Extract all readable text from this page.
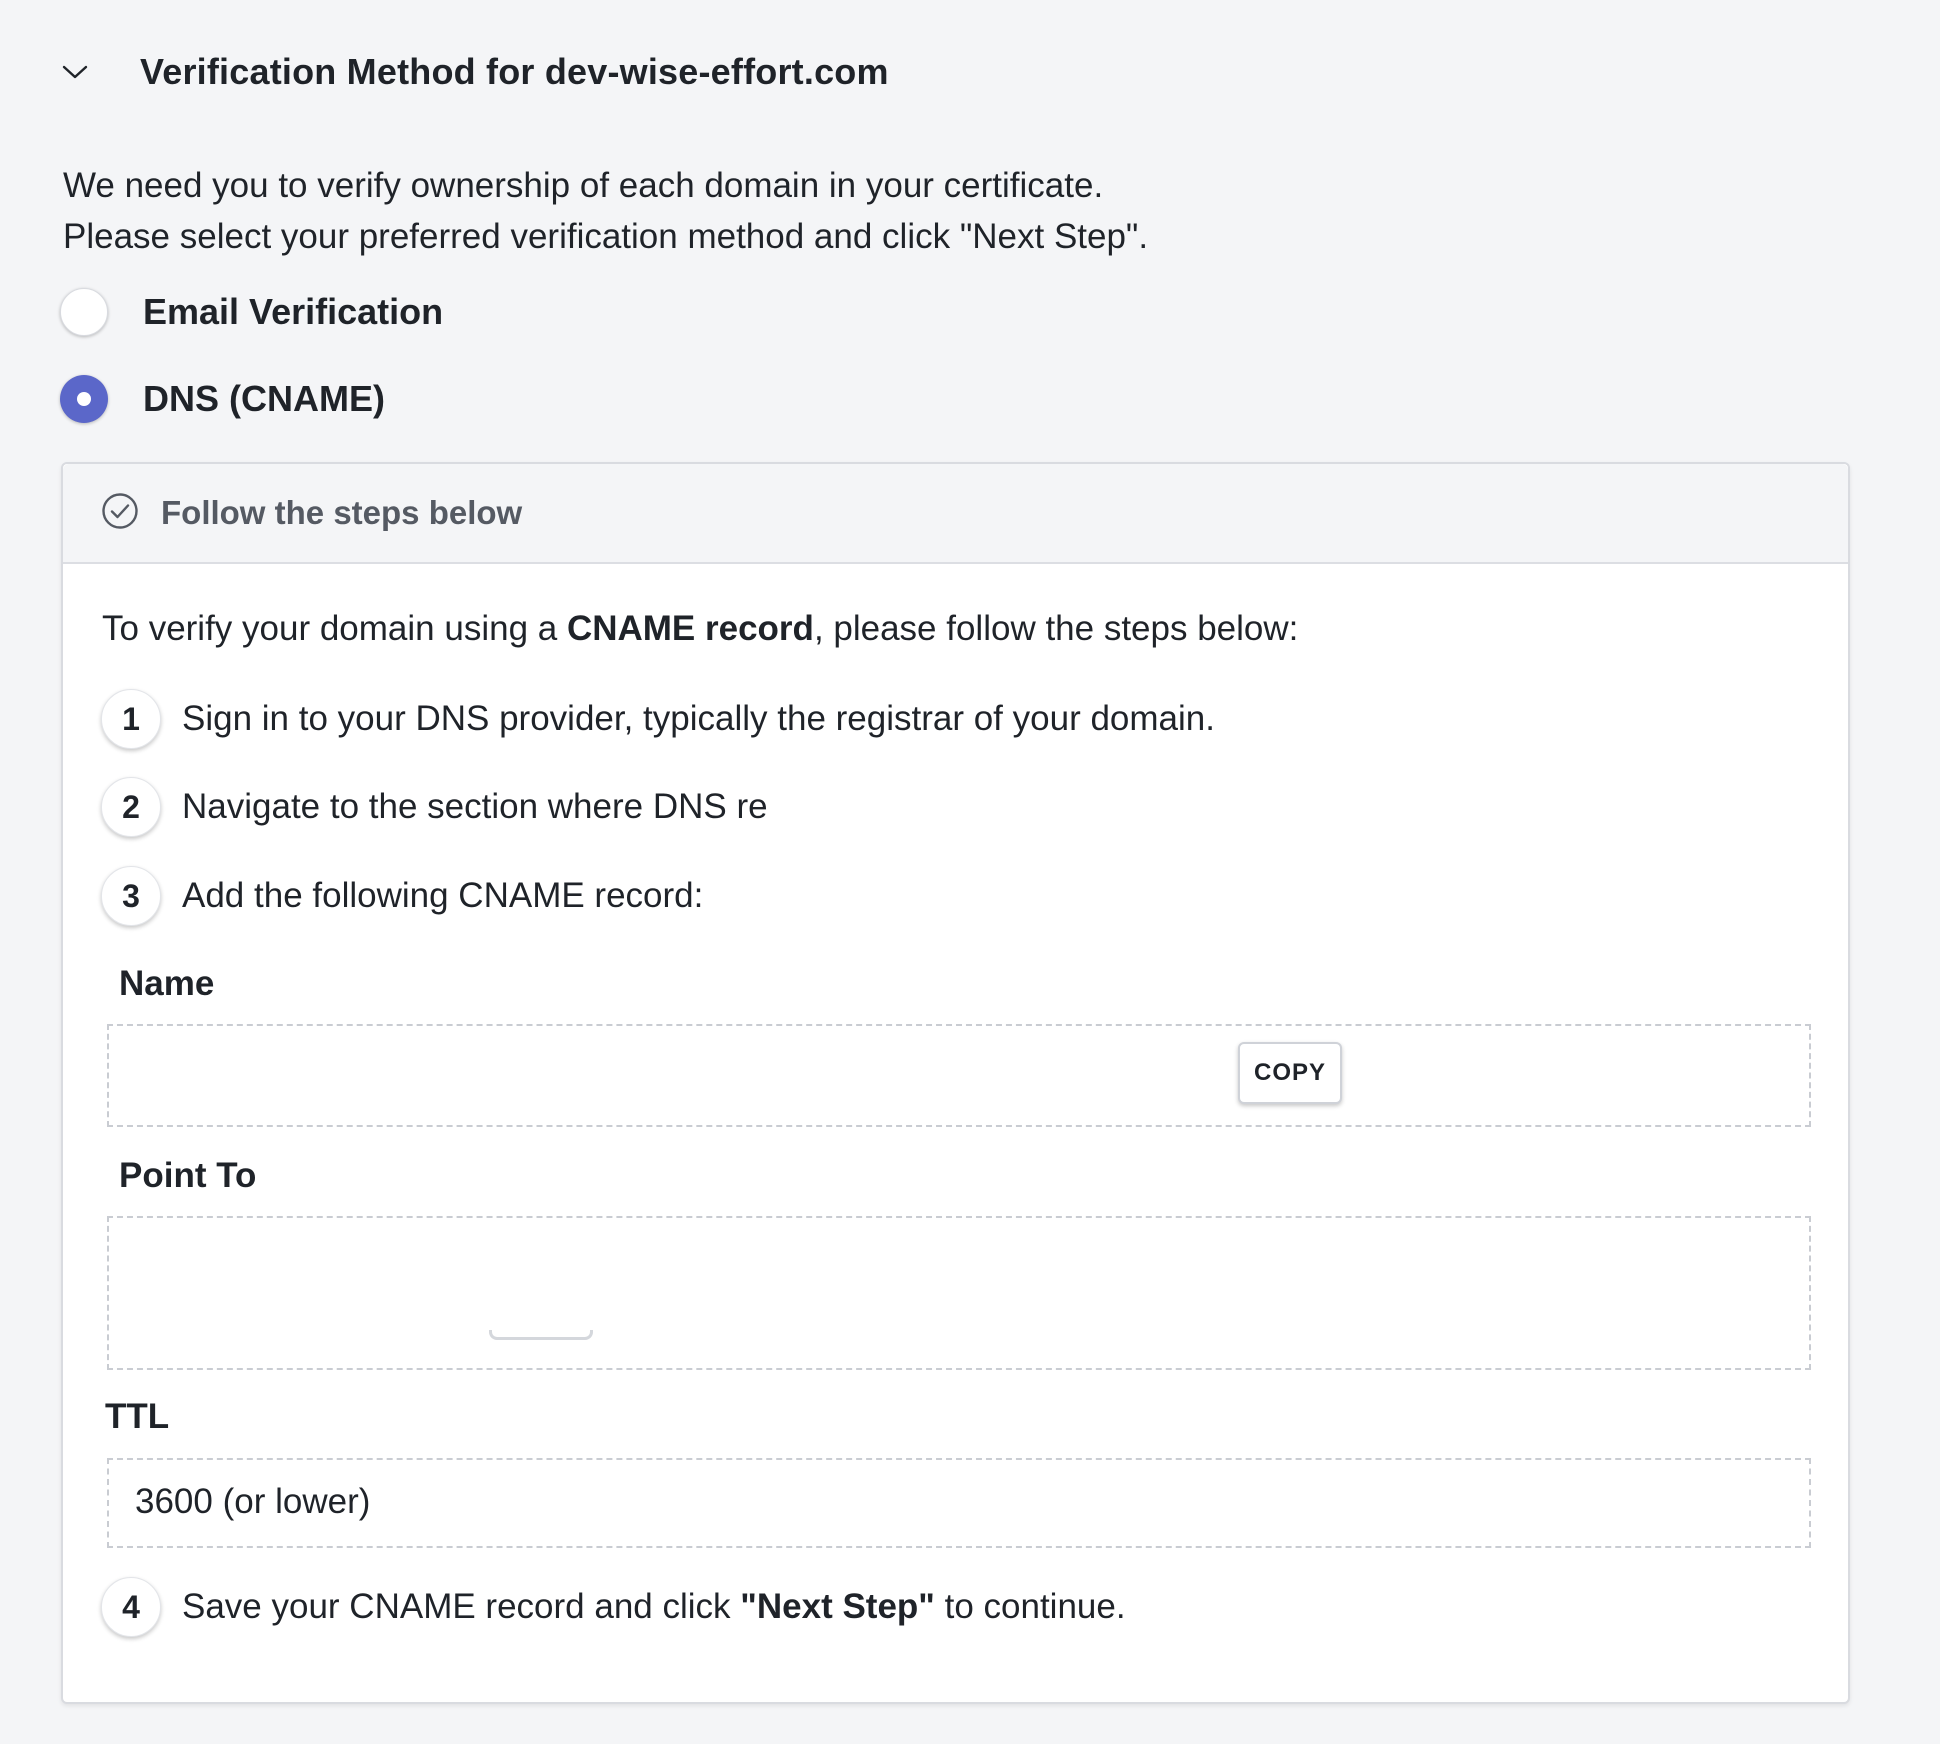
Verification Method for dev-wise-effort.com
We need you to verify ownership of each domain in your certificate.
Please select your preferred verification method and click "Next Step".
Email Verification
DNS (CNAME)
Follow the steps below
To verify your domain using a CNAME record, please follow the steps below:
1	Sign in to your DNS provider, typically the registrar of your domain.
2	Navigate to the section where DNS re
3	Add the following CNAME record:
Name
COPY
Point To
TTL
3600 (or lower)
4	Save your CNAME record and click "Next Step" to continue.
